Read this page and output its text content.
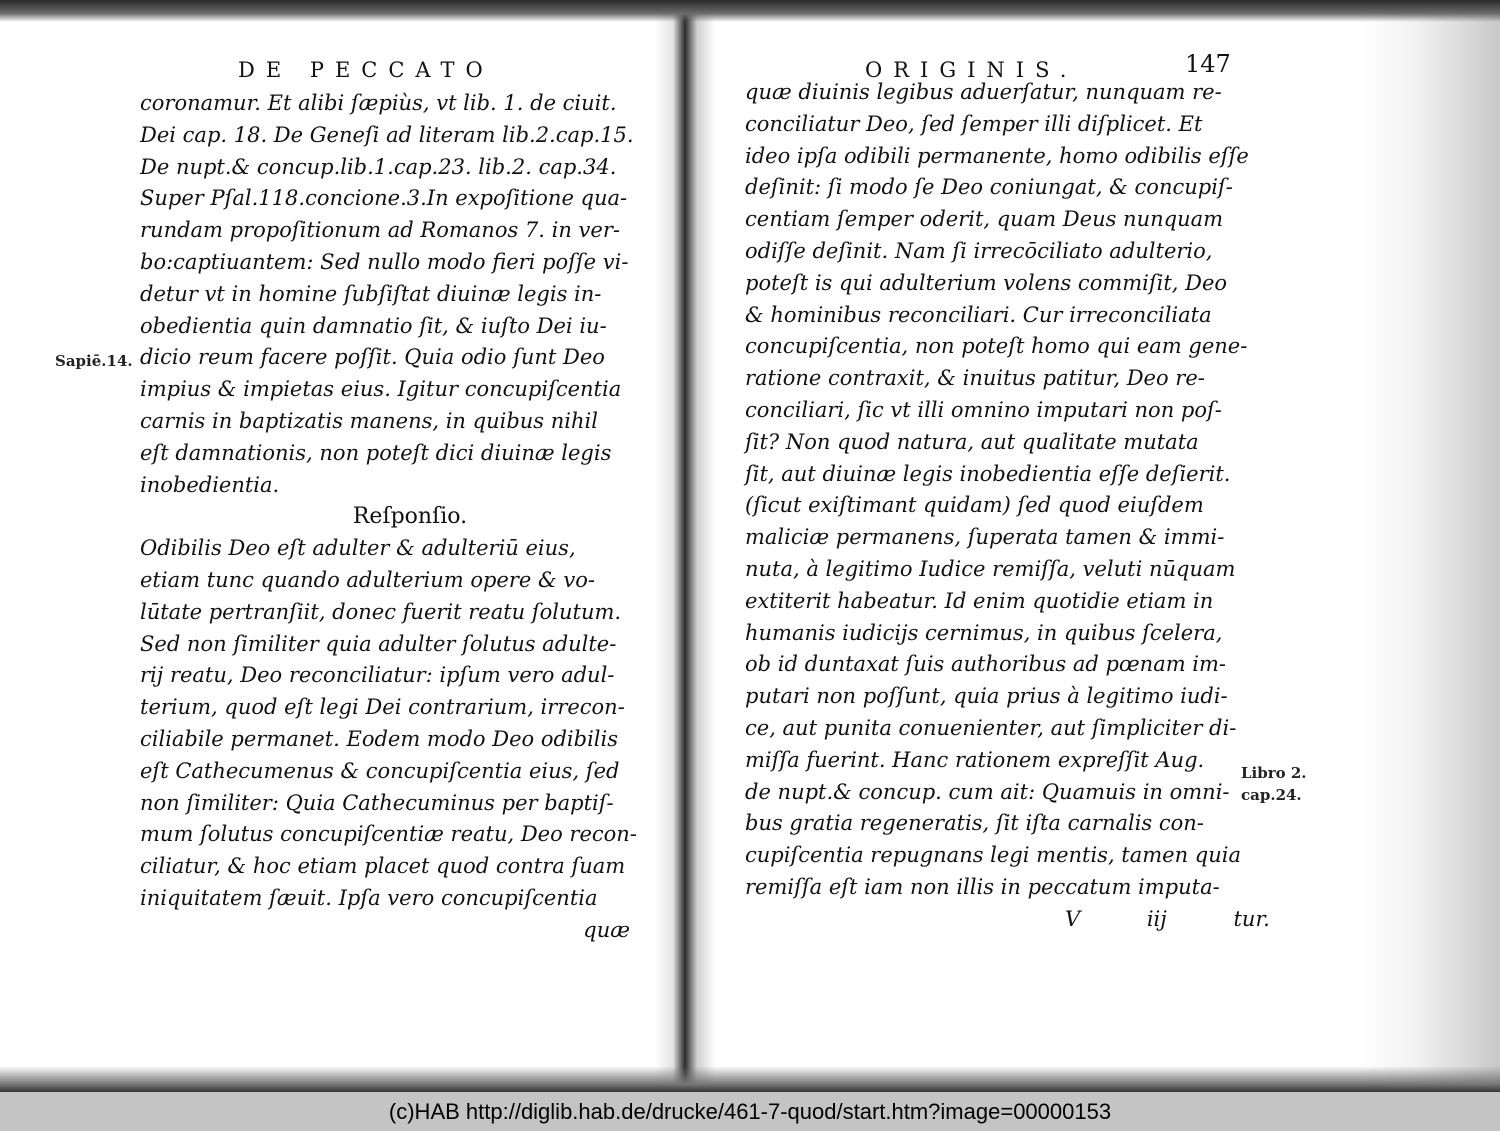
DE PECCATO
coronamur. Et alibi ſæpiùs, vt lib. 1. de ciuit.
Dei cap. 18. De Geneſi ad literam lib.2.cap.15.
De nupt.& concup.lib.1.cap.23. lib.2. cap.34.
Super Pſal.118.concione.3.In expoſitione qua-
rundam propoſitionum ad Romanos 7. in ver-
bo:captiuantem: Sed nullo modo fieri poſſe vi-
detur vt in homine ſubſiſtat diuinæ legis in-
obedientia quin damnatio ſit, & iuſto Dei iu-
dicio reum facere poſſit. Quia odio ſunt Deo
impius & impietas eius. Igitur concupiſcentia
carnis in baptizatis manens, in quibus nihil
eſt damnationis, non poteſt dici diuinæ legis
inobedientia.
Reſponſio.
Odibilis Deo eſt adulter & adulteriū eius,
etiam tunc quando adulterium opere & vo-
lūtate pertranſiit, donec fuerit reatu ſolutum.
Sed non ſimiliter quia adulter ſolutus adulte-
rij reatu, Deo reconciliatur: ipſum vero adul-
terium, quod eſt legi Dei contrarium, irrecon-
ciliabile permanet. Eodem modo Deo odibilis
eſt Cathecumenus & concupiſcentia eius, ſed
non ſimiliter: Quia Cathecuminus per baptiſ-
mum ſolutus concupiſcentiæ reatu, Deo recon-
ciliatur, & hoc etiam placet quod contra ſuam
iniquitatem ſæuit. Ipſa vero concupiſcentia
quæ
Sapiē.14.
ORIGINIS.	147
quæ diuinis legibus aduerſatur, nunquam re-
conciliatur Deo, ſed ſemper illi diſplicet. Et
ideo ipſa odibili permanente, homo odibilis eſſe
deſinit: ſi modo ſe Deo coniungat, & concupiſ-
centiam ſemper oderit, quam Deus nunquam
odiſſe deſinit. Nam ſi irrecōciliato adulterio,
poteſt is qui adulterium volens commiſit, Deo
& hominibus reconciliari. Cur irreconciliata
concupiſcentia, non poteſt homo qui eam gene-
ratione contraxit, & inuitus patitur, Deo re-
conciliari, ſic vt illi omnino imputari non poſ-
ſit? Non quod natura, aut qualitate mutata
ſit, aut diuinæ legis inobedientia eſſe deſierit.
(ſicut exiſtimant quidam) ſed quod eiuſdem
maliciæ permanens, ſuperata tamen & immi-
nuta, à legitimo Iudice remiſſa, veluti nūquam
extiterit habeatur. Id enim quotidie etiam in
humanis iudicijs cernimus, in quibus ſcelera,
ob id duntaxat ſuis authoribus ad pœnam im-
putari non poſſunt, quia prius à legitimo iudi-
ce, aut punita conuenienter, aut ſimpliciter di-
miſſa fuerint. Hanc rationem expreſſit Aug.
de nupt.& concup. cum ait: Quamuis in omni-
bus gratia regeneratis, ſit iſta carnalis con-
cupiſcentia repugnans legi mentis, tamen quia
remiſſa eſt iam non illis in peccatum imputa-
V iij	tur.
Libro 2.
cap.24.
(c)HAB http://diglib.hab.de/drucke/461-7-quod/start.htm?image=00000153
